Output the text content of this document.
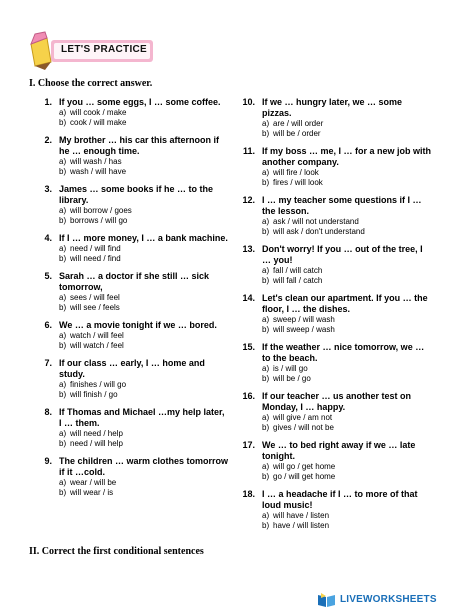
LET'S PRACTICE
I. Choose the correct answer.
1. If you … some eggs, I … some coffee.
a) will cook / make
b) cook / will make
2. My brother … his car this afternoon if he … enough time.
a) will wash / has
b) wash / will have
3. James … some books if he … to the library.
a) will borrow / goes
b) borrows / will go
4. If I … more money, I … a bank machine.
a) need / will find
b) will need / find
5. Sarah … a doctor if she still … sick tomorrow,
a) sees / will feel
b) will see / feels
6. We … a movie tonight if we … bored.
a) watch / will feel
b) will watch / feel
7. If our class … early, I … home and study.
a) finishes / will go
b) will finish / go
8. If Thomas and Michael …my help later, I … them.
a) will need / help
b) need / will help
9. The children … warm clothes tomorrow if it …cold.
a) wear / will be
b) will wear / is
10. If we … hungry later, we … some pizzas.
a) are / will order
b) will be / order
11. If my boss … me, I … for a new job with another company.
a) will fire / look
b) fires / will look
12. I … my teacher some questions if I … the lesson.
a) ask / will not understand
b) will ask / don't understand
13. Don't worry! If you … out of the tree, I … you!
a) fall / will catch
b) will fall / catch
14. Let's clean our apartment. If you … the floor, I … the dishes.
a) sweep / will wash
b) will sweep / wash
15. If the weather … nice tomorrow, we … to the beach.
a) is / will go
b) will be / go
16. If our teacher … us another test on Monday, I … happy.
a) will give / am not
b) gives / will not be
17. We … to bed right away if we … late tonight.
a) will go / get home
b) go / will get home
18. I … a headache if I … to more of that loud music!
a) will have / listen
b) have / will listen
II. Correct the first conditional sentences
LIVEWORKSHEETS
